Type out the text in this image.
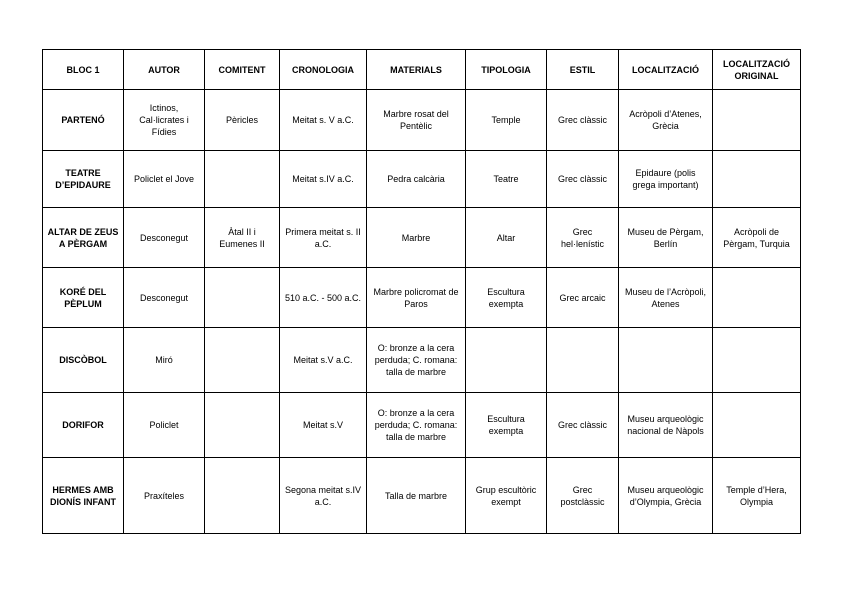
BLOC 1	AUTOR	COMITENT	CRONOLOGIA	MATERIALS	TIPOLOGIA	ESTIL	LOCALITZACIÓ	LOCALITZACIÓ ORIGINAL
PARTENÓ	Ictinos, Cal·licrates i Fídies	Pèricles	Meitat s. V a.C.	Marbre rosat del Pentèlic	Temple	Grec clàssic	Acròpoli d’Atenes, Grècia	
TEATRE D’EPIDAURE	Policlet el Jove		Meitat s.IV a.C.	Pedra calcària	Teatre	Grec clàssic	Epidaure (polis grega important)	
ALTAR DE ZEUS A PÈRGAM	Desconegut	Àtal II i Eumenes II	Primera meitat s. II a.C.	Marbre	Altar	Grec hel·lenístic	Museu de Pèrgam, Berlín	Acròpoli de Pèrgam, Turquia
KORÉ DEL PÈPLUM	Desconegut		510 a.C. - 500 a.C.	Marbre policromat de Paros	Escultura exempta	Grec arcaic	Museu de l’Acròpoli, Atenes	
DISCÒBOL	Miró		Meitat s.V a.C.	O: bronze a la cera perduda; C. romana: talla de marbre				
DORIFOR	Policlet		Meitat s.V	O: bronze a la cera perduda; C. romana: talla de marbre	Escultura exempta	Grec clàssic	Museu arqueològic nacional de Nàpols	
HERMES AMB DIONÍS INFANT	Praxíteles		Segona meitat s.IV a.C.	Talla de marbre	Grup escultòric exempt	Grec postclàssic	Museu arqueològic d’Olympia, Grècia	Temple d’Hera, Olympia
